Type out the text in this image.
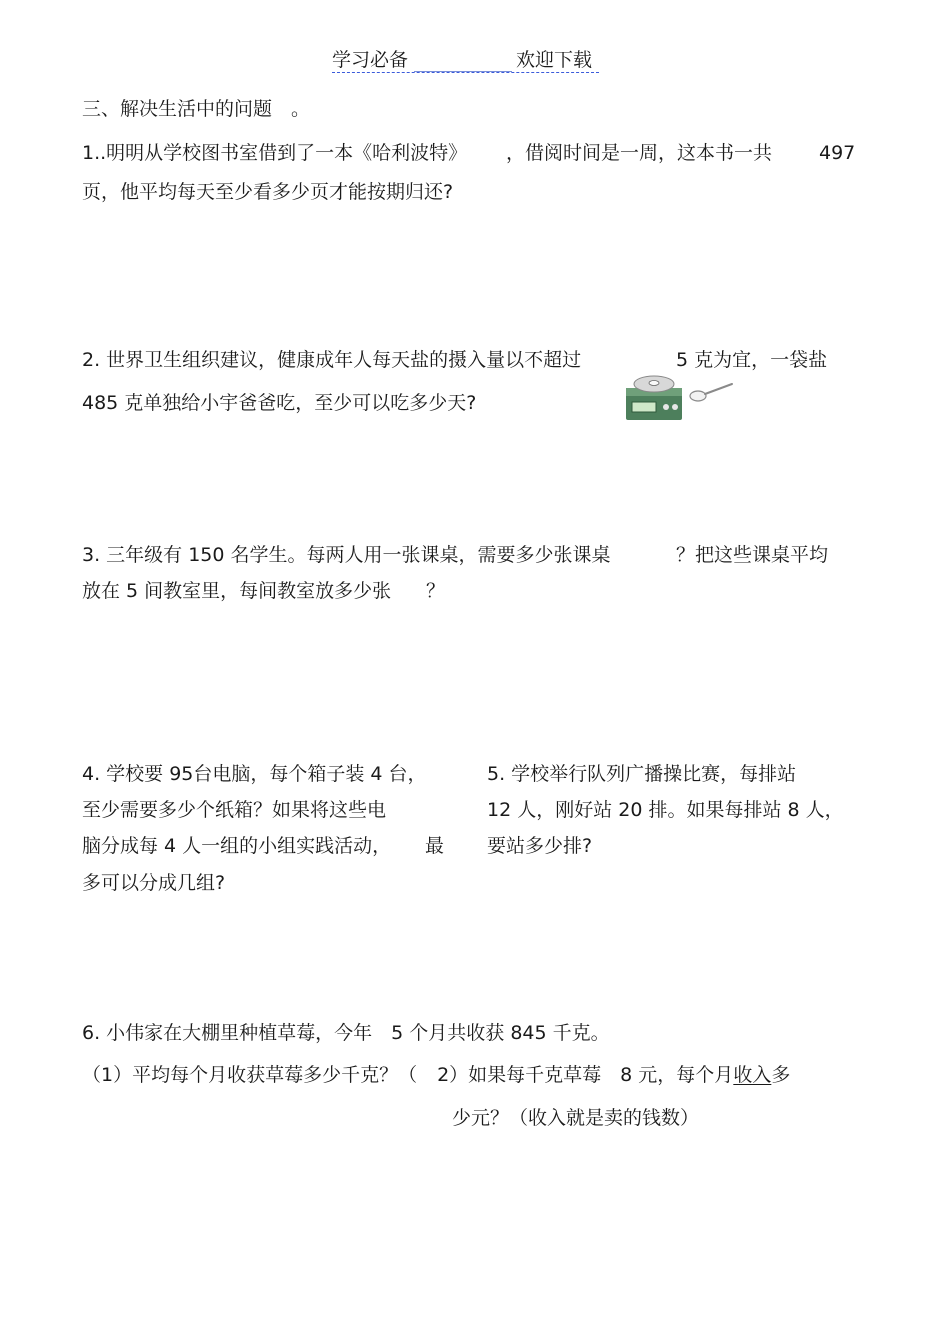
学习必备	欢迎下载
三、解决生活中的问题　。
1..明明从学校图书室借到了一本《哈利波特》 ，借阅时间是一周，这本书一共 497
页，他平均每天至少看多少页才能按期归还?
2. 世界卫生组织建议，健康成年人每天盐的摄入量以不超过	5 克为宜，一袋盐
485 克单独给小宇爸爸吃，至少可以吃多少天?
3. 三年级有 150 名学生。每两人用一张课桌，需要多少张课桌	？把这些课桌平均
放在 5 间教室里，每间教室放多少张 ？
4. 学校要 95台电脑，每个箱子装 4 台，
至少需要多少个纸箱？如果将这些电
脑分成每 4 人一组的小组实践活动， 最
多可以分成几组?
5. 学校举行队列广播操比赛，每排站
12 人，刚好站 20 排。如果每排站 8 人，
要站多少排?
6. 小伟家在大棚里种植草莓，今年　5 个月共收获 845 千克。
（1）平均每个月收获草莓多少千克？（ 2）如果每千克草莓　8 元，每个月收入多
少元？（收入就是卖的钱数）
